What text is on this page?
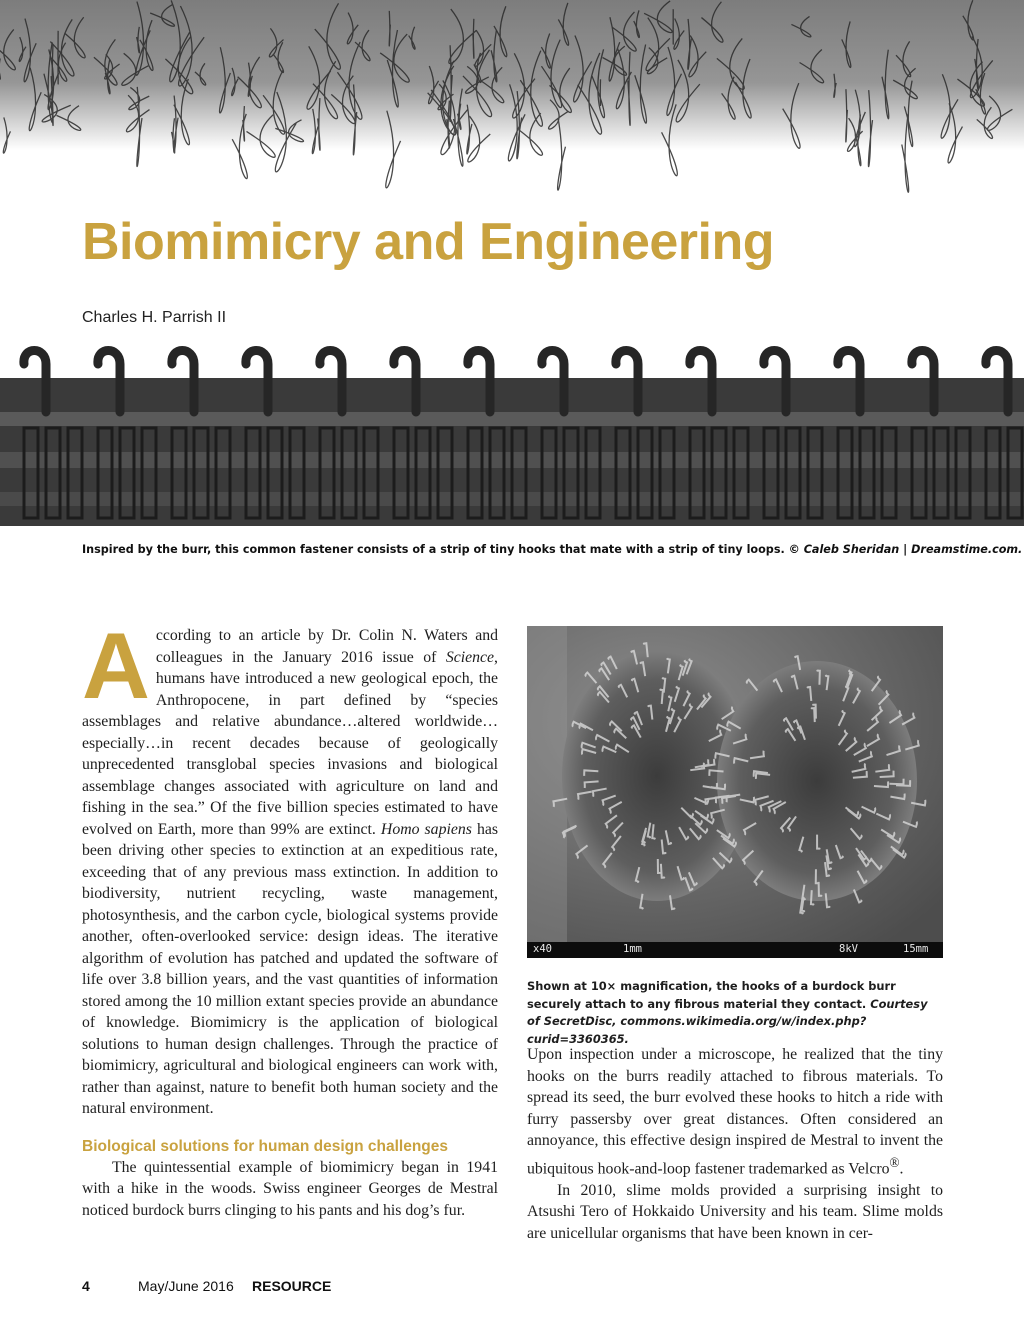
Biomimicry and Engineering
Charles H. Parrish II
Inspired by the burr, this common fastener consists of a strip of tiny hooks that mate with a strip of tiny loops. © Caleb Sheridan | Dreamstime.com.

According to an article by Dr. Colin N. Waters and colleagues in the January 2016 issue of Science, humans have introduced a new geological epoch, the Anthropocene, in part defined by “species assemblages and relative abundance…altered worldwide…especially…in recent decades because of geologically unprecedented transglobal species invasions and biological assemblage changes associated with agriculture on land and fishing in the sea.” Of the five billion species estimated to have evolved on Earth, more than 99% are extinct. Homo sapiens has been driving other species to extinction at an expeditious rate, exceeding that of any previous mass extinction. In addition to biodiversity, nutrient recycling, waste management, photosynthesis, and the carbon cycle, biological systems provide another, often-overlooked service: design ideas. The iterative algorithm of evolution has patched and updated the software of life over 3.8 billion years, and the vast quantities of information stored among the 10 million extant species provide an abundance of knowledge. Biomimicry is the application of biological solutions to human design challenges. Through the practice of biomimicry, agricultural and biological engineers can work with, rather than against, nature to benefit both human society and the natural environment.

Biological solutions for human design challenges

The quintessential example of biomimicry began in 1941 with a hike in the woods. Swiss engineer Georges de Mestral noticed burdock burrs clinging to his pants and his dog’s fur.

x40	1mm	8kV	15mm
Shown at 10× magnification, the hooks of a burdock burr securely attach to any fibrous material they contact. Courtesy of SecretDisc, commons.wikimedia.org/w/index.php?curid=3360365.

Upon inspection under a microscope, he realized that the tiny hooks on the burrs readily attached to fibrous materials. To spread its seed, the burr evolved these hooks to hitch a ride with furry passersby over great distances. Often considered an annoyance, this effective design inspired de Mestral to invent the ubiquitous hook-and-loop fastener trademarked as Velcro®.

In 2010, slime molds provided a surprising insight to Atsushi Tero of Hokkaido University and his team. Slime molds are unicellular organisms that have been known in cer-

4	May/June 2016 RESOURCE
